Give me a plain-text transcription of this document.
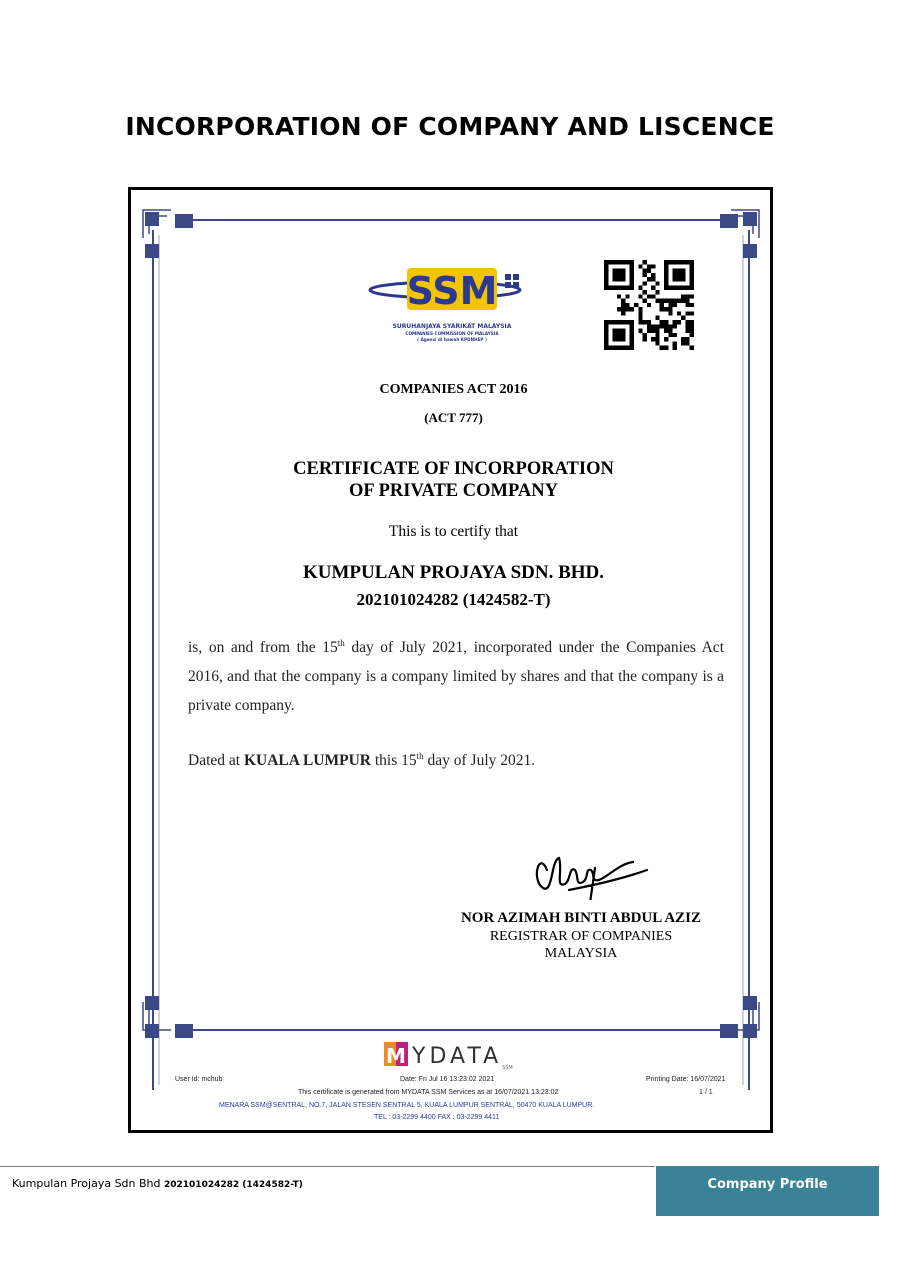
INCORPORATION OF COMPANY AND LISCENCE
SSM
SURUHANJAYA SYARIKAT MALAYSIA
COMPANIES COMMISSION OF MALAYSIA
( Agensi di bawah KPDNHEP )
COMPANIES ACT 2016
(ACT 777)
CERTIFICATE OF INCORPORATION
OF PRIVATE COMPANY
This is to certify that
KUMPULAN PROJAYA SDN. BHD.
202101024282 (1424582-T)
is, on and from the 15th day of July 2021, incorporated under the Companies Act 2016, and that the company is a company limited by shares and that the company is a private company.
Dated at KUALA LUMPUR this 15th day of July 2021.
NOR AZIMAH BINTI ABDUL AZIZ
REGISTRAR OF COMPANIES
MALAYSIA
M YDATA SSM
User Id: mchub	Date: Fri Jul 16 13:23:02 2021	Printing Date: 16/07/2021
This certificate is generated from MYDATA SSM Services as at 16/07/2021 13:23:02	1 / 1
MENARA SSM@SENTRAL, NO.7, JALAN STESEN SENTRAL 5, KUALA LUMPUR SENTRAL, 50470 KUALA LUMPUR.
TEL : 03-2299 4400 FAX : 03-2299 4411
Kumpulan Projaya Sdn Bhd 202101024282 (1424582-T)	Company Profile
